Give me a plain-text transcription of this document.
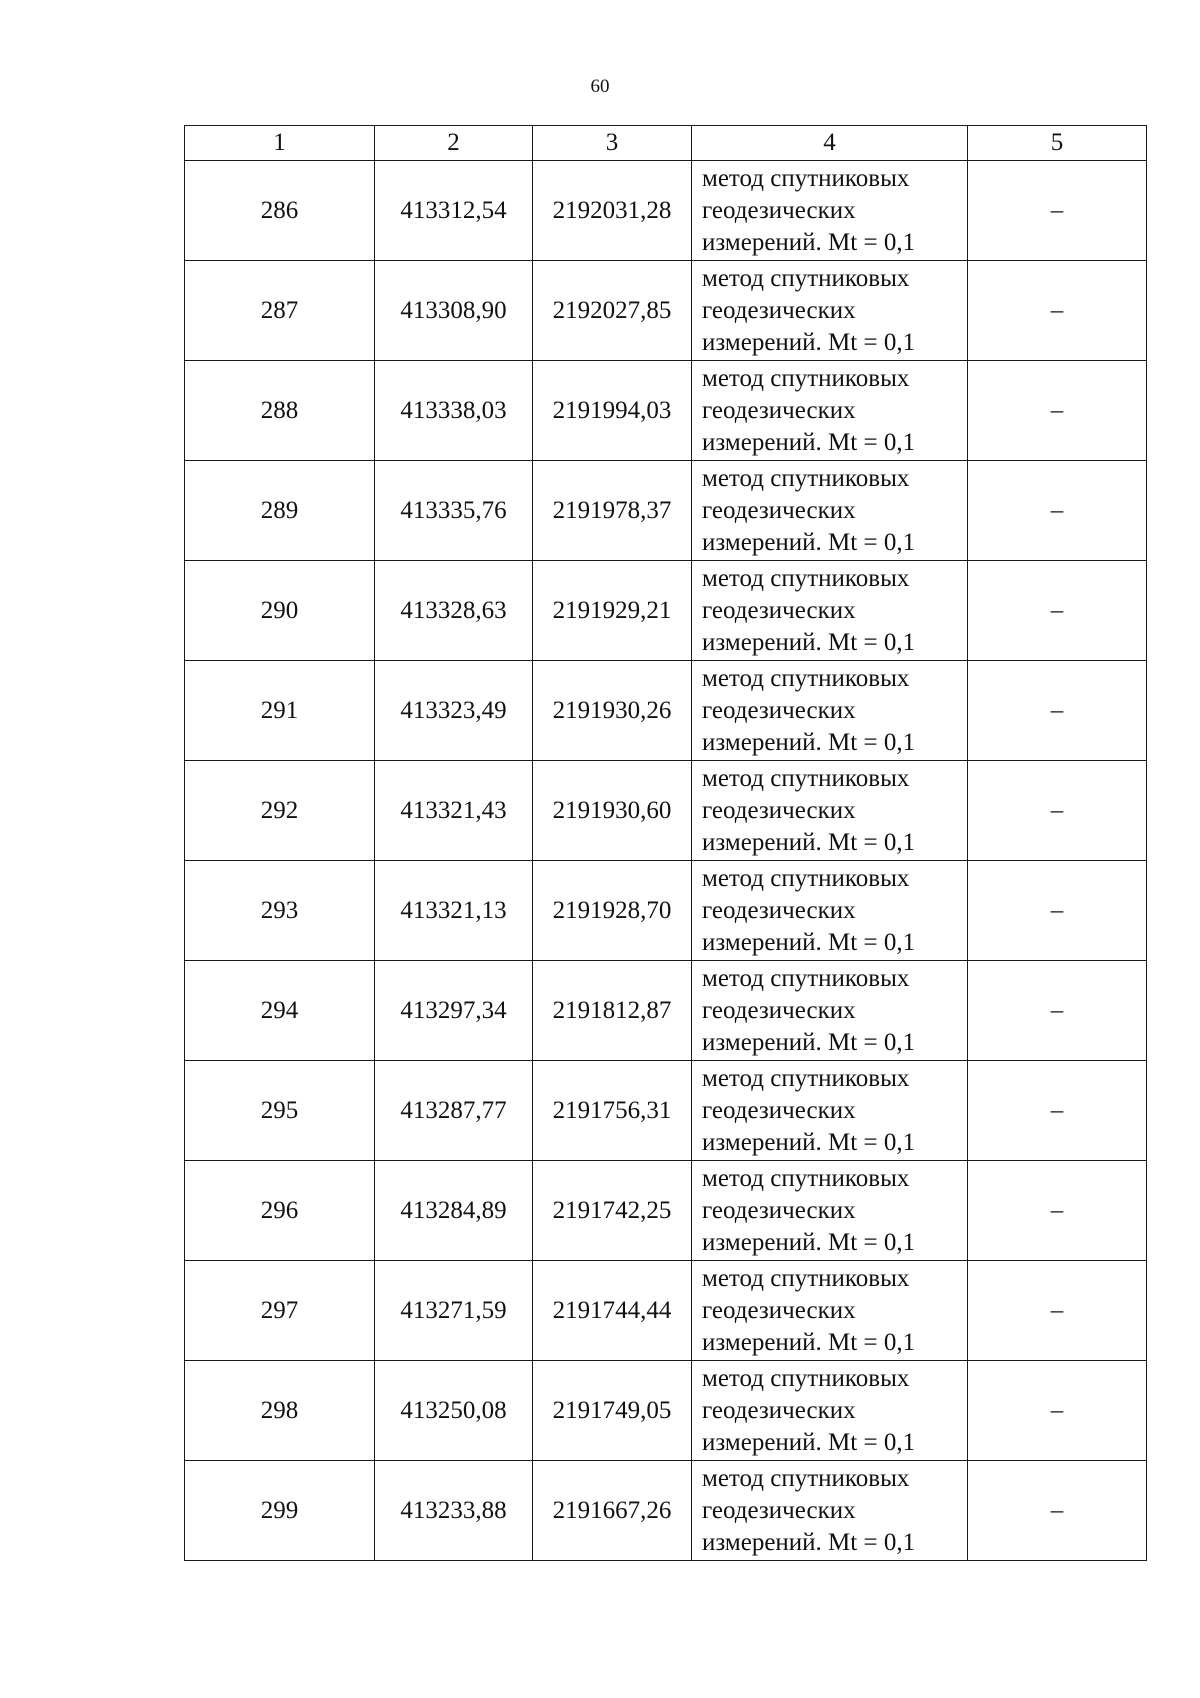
60
1	2	3	4	5
286	413312,54	2192031,28	метод спутниковых
геодезических
измерений. Mt = 0,1	–
287	413308,90	2192027,85	метод спутниковых
геодезических
измерений. Mt = 0,1	–
288	413338,03	2191994,03	метод спутниковых
геодезических
измерений. Mt = 0,1	–
289	413335,76	2191978,37	метод спутниковых
геодезических
измерений. Mt = 0,1	–
290	413328,63	2191929,21	метод спутниковых
геодезических
измерений. Mt = 0,1	–
291	413323,49	2191930,26	метод спутниковых
геодезических
измерений. Mt = 0,1	–
292	413321,43	2191930,60	метод спутниковых
геодезических
измерений. Mt = 0,1	–
293	413321,13	2191928,70	метод спутниковых
геодезических
измерений. Mt = 0,1	–
294	413297,34	2191812,87	метод спутниковых
геодезических
измерений. Mt = 0,1	–
295	413287,77	2191756,31	метод спутниковых
геодезических
измерений. Mt = 0,1	–
296	413284,89	2191742,25	метод спутниковых
геодезических
измерений. Mt = 0,1	–
297	413271,59	2191744,44	метод спутниковых
геодезических
измерений. Mt = 0,1	–
298	413250,08	2191749,05	метод спутниковых
геодезических
измерений. Mt = 0,1	–
299	413233,88	2191667,26	метод спутниковых
геодезических
измерений. Mt = 0,1	–
